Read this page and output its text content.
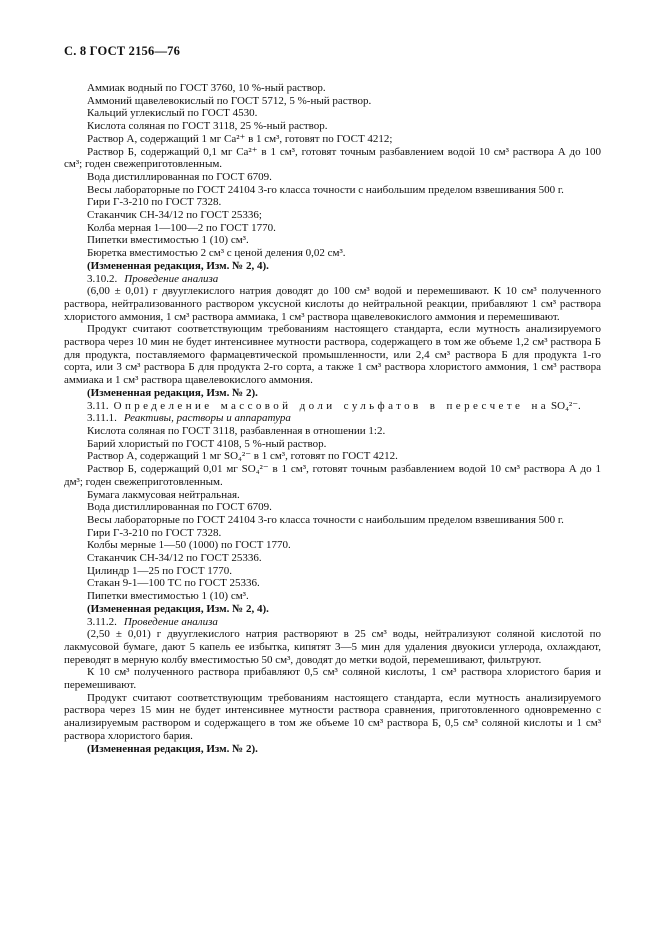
С. 8 ГОСТ 2156—76

Аммиак водный по ГОСТ 3760, 10 %-ный раствор.

Аммоний щавелевокислый по ГОСТ 5712, 5 %-ный раствор.

Кальций углекислый по ГОСТ 4530.

Кислота соляная по ГОСТ 3118, 25 %-ный раствор.

Раствор А, содержащий 1 мг Ca²⁺ в 1 см³, готовят по ГОСТ 4212;

Раствор Б, содержащий 0,1 мг Ca²⁺ в 1 см³, готовят точным разбавлением водой 10 см³ раствора А до 100 см³; годен свежеприготовленным.

Вода дистиллированная по ГОСТ 6709.

Весы лабораторные по ГОСТ 24104 3-го класса точности с наибольшим пределом взвешивания 500 г.

Гири Г-3-210 по ГОСТ 7328.

Стаканчик СН-34/12 по ГОСТ 25336;

Колба мерная 1—100—2 по ГОСТ 1770.

Пипетки вместимостью 1 (10) см³.

Бюретка вместимостью 2 см³ с ценой деления 0,02 см³.

(Измененная редакция, Изм. № 2, 4).

3.10.2. Проведение анализа

(6,00 ± 0,01) г двууглекислого натрия доводят до 100 см³ водой и перемешивают. К 10 см³ полученного раствора, нейтрализованного раствором уксусной кислоты до нейтральной реакции, прибавляют 1 см³ раствора хлористого аммония, 1 см³ раствора аммиака, 1 см³ раствора щавелевокислого аммония и перемешивают.

Продукт считают соответствующим требованиям настоящего стандарта, если мутность анализируемого раствора через 10 мин не будет интенсивнее мутности раствора, содержащего в том же объеме 1,2 см³ раствора Б для продукта, поставляемого фармацевтической промышленности, или 2,4 см³ раствора Б для продукта 1-го сорта, или 3 см³ раствора Б для продукта 2-го сорта, а также 1 см³ раствора хлористого аммония, 1 см³ раствора аммиака и 1 см³ раствора щавелевокислого аммония.

(Измененная редакция, Изм. № 2).

3.11. Определение массовой доли сульфатов в пересчете на SO₄²⁻.

3.11.1. Реактивы, растворы и аппаратура

Кислота соляная по ГОСТ 3118, разбавленная в отношении 1:2.

Барий хлористый по ГОСТ 4108, 5 %-ный раствор.

Раствор А, содержащий 1 мг SO₄²⁻ в 1 см³, готовят по ГОСТ 4212.

Раствор Б, содержащий 0,01 мг SO₄²⁻ в 1 см³, готовят точным разбавлением водой 10 см³ раствора А до 1 дм³; годен свежеприготовленным.

Бумага лакмусовая нейтральная.

Вода дистиллированная по ГОСТ 6709.

Весы лабораторные по ГОСТ 24104 3-го класса точности с наибольшим пределом взвешивания 500 г.

Гири Г-3-210 по ГОСТ 7328.

Колбы мерные 1—50 (1000) по ГОСТ 1770.

Стаканчик СН-34/12 по ГОСТ 25336.

Цилиндр 1—25 по ГОСТ 1770.

Стакан 9-1—100 ТС по ГОСТ 25336.

Пипетки вместимостью 1 (10) см³.

(Измененная редакция, Изм. № 2, 4).

3.11.2. Проведение анализа

(2,50 ± 0,01) г двууглекислого натрия растворяют в 25 см³ воды, нейтрализуют соляной кислотой по лакмусовой бумаге, дают 5 капель ее избытка, кипятят 3—5 мин для удаления двуокиси углерода, охлаждают, переводят в мерную колбу вместимостью 50 см³, доводят до метки водой, перемешивают, фильтруют.

К 10 см³ полученного раствора прибавляют 0,5 см³ соляной кислоты, 1 см³ раствора хлористого бария и перемешивают.

Продукт считают соответствующим требованиям настоящего стандарта, если мутность анализируемого раствора через 15 мин не будет интенсивнее мутности раствора сравнения, приготовленного одновременно с анализируемым раствором и содержащего в том же объеме 10 см³ раствора Б, 0,5 см³ соляной кислоты и 1 см³ раствора хлористого бария.

(Измененная редакция, Изм. № 2).
